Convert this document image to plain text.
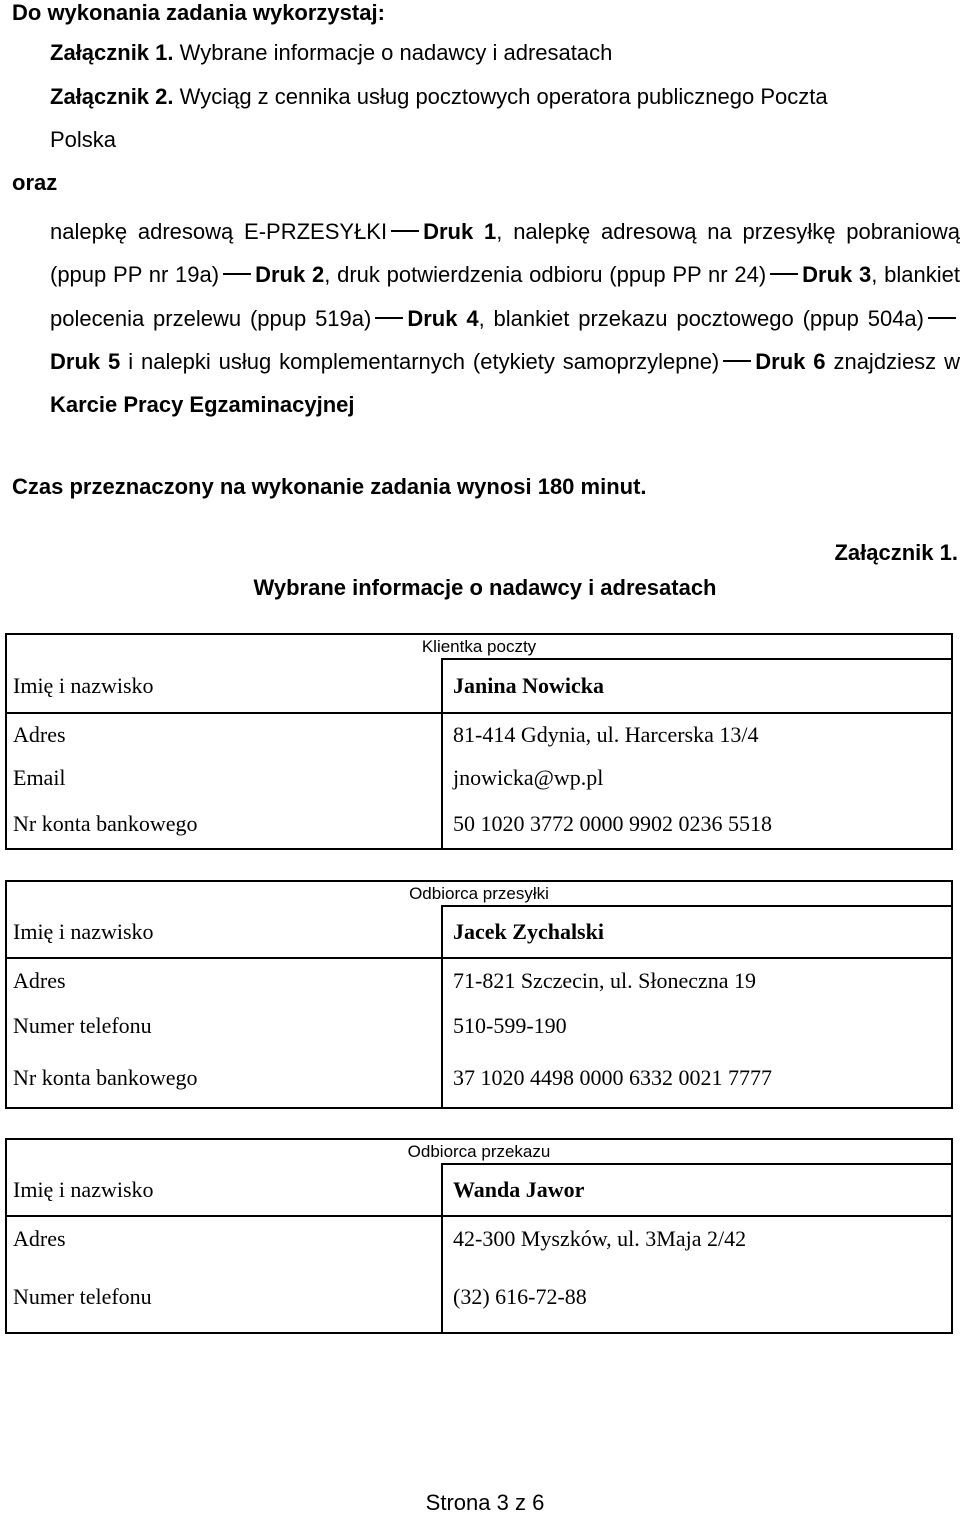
Do wykonania zadania wykorzystaj:
Załącznik 1. Wybrane informacje o nadawcy i adresatach
Załącznik 2. Wyciąg z cennika usług pocztowych operatora publicznego Poczta
Polska
oraz
nalepkę adresową E-PRZESYŁKI Druk 1, nalepkę adresową na przesyłkę pobraniową (ppup PP nr 19a) Druk 2, druk potwierdzenia odbioru (ppup PP nr 24) Druk 3, blankiet polecenia przelewu (ppup 519a) Druk 4, blankiet przekazu pocztowego (ppup 504a)Druk 5 i nalepki usług komplementarnych (etykiety samoprzylepne) Druk 6 znajdziesz w Karcie Pracy Egzaminacyjnej
Czas przeznaczony na wykonanie zadania wynosi 180 minut.
Załącznik 1.
Wybrane informacje o nadawcy i adresatach
Klientka poczty	
Imię i nazwisko	Janina Nowicka
Adres	81-414 Gdynia, ul. Harcerska 13/4
Email	jnowicka@wp.pl
Nr konta bankowego	50 1020 3772 0000 9902 0236 5518
Odbiorca przesyłki	
Imię i nazwisko	Jacek Zychalski
Adres	71-821 Szczecin, ul. Słoneczna 19
Numer telefonu	510-599-190
Nr konta bankowego	37 1020 4498 0000 6332 0021 7777
Odbiorca przekazu	
Imię i nazwisko	Wanda Jawor
Adres	42-300 Myszków, ul. 3Maja 2/42
Numer telefonu	(32) 616-72-88
Strona 3 z 6
